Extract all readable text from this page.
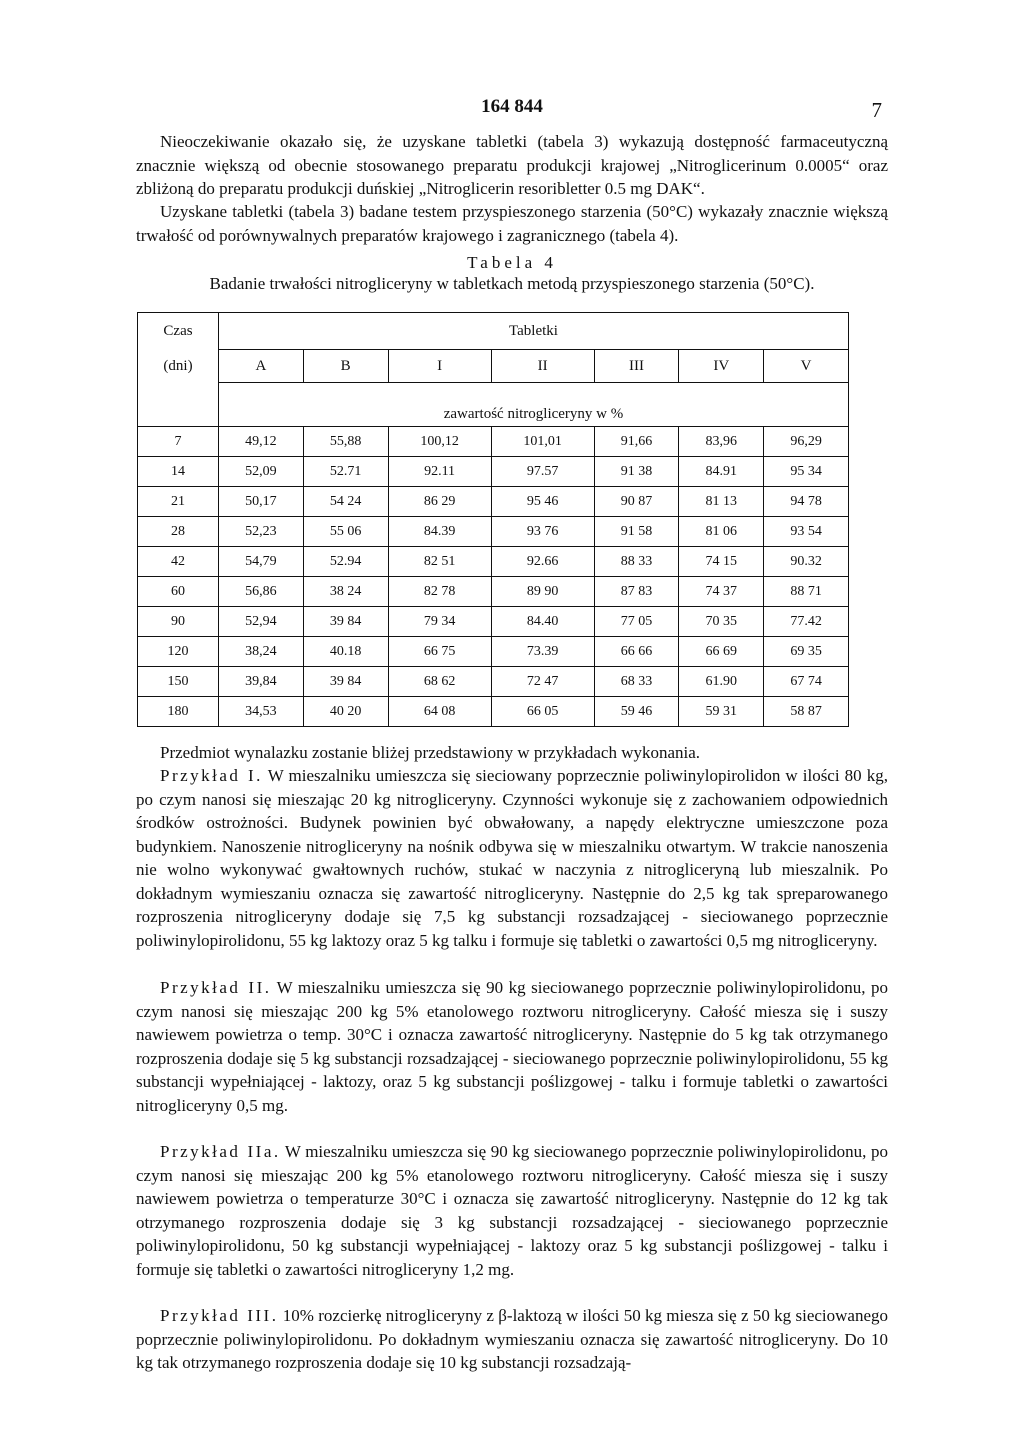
164 844	7

Nieoczekiwanie okazało się, że uzyskane tabletki (tabela 3) wykazują dostępność farmaceutyczną znacznie większą od obecnie stosowanego preparatu produkcji krajowej „Nitroglicerinum 0.0005“ oraz zbliżoną do preparatu produkcji duńskiej „Nitroglicerin resoribletter 0.5 mg DAK“.

Uzyskane tabletki (tabela 3) badane testem przyspieszonego starzenia (50°C) wykazały znacznie większą trwałość od porównywalnych preparatów krajowego i zagranicznego (tabela 4).

Tabela 4
Badanie trwałości nitrogliceryny w tabletkach metodą przyspieszonego starzenia (50°C).
Czas	Tabletki						
(dni)	A	B	I	II	III	IV	V
	zawartość nitrogliceryny w %						
7	49,12	55,88	100,12	101,01	91,66	83,96	96,29
14	52,09	52.71	92.11	97.57	91 38	84.91	95 34
21	50,17	54 24	86 29	95 46	90 87	81 13	94 78
28	52,23	55 06	84.39	93 76	91 58	81 06	93 54
42	54,79	52.94	82 51	92.66	88 33	74 15	90.32
60	56,86	38 24	82 78	89 90	87 83	74 37	88 71
90	52,94	39 84	79 34	84.40	77 05	70 35	77.42
120	38,24	40.18	66 75	73.39	66 66	66 69	69 35
150	39,84	39 84	68 62	72 47	68 33	61.90	67 74
180	34,53	40 20	64 08	66 05	59 46	59 31	58 87

Przedmiot wynalazku zostanie bliżej przedstawiony w przykładach wykonania.

Przykład I. W mieszalniku umieszcza się sieciowany poprzecznie poliwinylopirolidon w ilości 80 kg, po czym nanosi się mieszając 20 kg nitrogliceryny. Czynności wykonuje się z zachowaniem odpowiednich środków ostrożności. Budynek powinien być obwałowany, a napędy elektryczne umieszczone poza budynkiem. Nanoszenie nitrogliceryny na nośnik odbywa się w mieszalniku otwartym. W trakcie nanoszenia nie wolno wykonywać gwałtownych ruchów, stukać w naczynia z nitrogliceryną lub mieszalnik. Po dokładnym wymieszaniu oznacza się zawartość nitrogliceryny. Następnie do 2,5 kg tak spreparowanego rozproszenia nitrogliceryny dodaje się 7,5 kg substancji rozsadzającej - sieciowanego poprzecznie poliwinylopirolidonu, 55 kg laktozy oraz 5 kg talku i formuje się tabletki o zawartości 0,5 mg nitrogliceryny.

Przykład II. W mieszalniku umieszcza się 90 kg sieciowanego poprzecznie poliwinylopirolidonu, po czym nanosi się mieszając 200 kg 5% etanolowego roztworu nitrogliceryny. Całość miesza się i suszy nawiewem powietrza o temp. 30°C i oznacza zawartość nitrogliceryny. Następnie do 5 kg tak otrzymanego rozproszenia dodaje się 5 kg substancji rozsadzającej - sieciowanego poprzecznie poliwinylopirolidonu, 55 kg substancji wypełniającej - laktozy, oraz 5 kg substancji poślizgowej - talku i formuje tabletki o zawartości nitrogliceryny 0,5 mg.

Przykład IIa. W mieszalniku umieszcza się 90 kg sieciowanego poprzecznie poliwinylopirolidonu, po czym nanosi się mieszając 200 kg 5% etanolowego roztworu nitrogliceryny. Całość miesza się i suszy nawiewem powietrza o temperaturze 30°C i oznacza się zawartość nitrogliceryny. Następnie do 12 kg tak otrzymanego rozproszenia dodaje się 3 kg substancji rozsadzającej - sieciowanego poprzecznie poliwinylopirolidonu, 50 kg substancji wypełniającej - laktozy oraz 5 kg substancji poślizgowej - talku i formuje się tabletki o zawartości nitrogliceryny 1,2 mg.

Przykład III. 10% rozcierkę nitrogliceryny z β-laktozą w ilości 50 kg miesza się z 50 kg sieciowanego poprzecznie poliwinylopirolidonu. Po dokładnym wymieszaniu oznacza się zawartość nitrogliceryny. Do 10 kg tak otrzymanego rozproszenia dodaje się 10 kg substancji rozsadzają-
